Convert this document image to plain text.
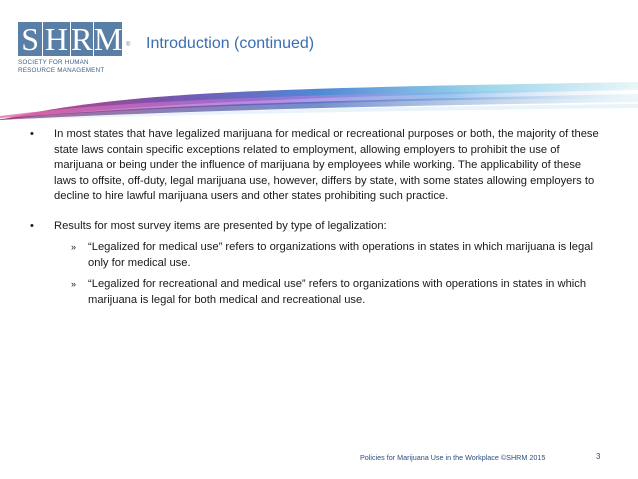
S H R M ®
SOCIETY FOR HUMAN
RESOURCE MANAGEMENT
Introduction (continued)
• In most states that have legalized marijuana for medical or recreational purposes or both, the majority of these state laws contain specific exceptions related to employment, allowing employers to prohibit the use of marijuana or being under the influence of marijuana by employees while working. The applicability of these laws to offsite, off-duty, legal marijuana use, however, differs by state, with some states allowing employers to decline to hire lawful marijuana users and other states prohibiting such practice.
• Results for most survey items are presented by type of legalization:
» “Legalized for medical use” refers to organizations with operations in states in which marijuana is legal only for medical use.
» “Legalized for recreational and medical use” refers to organizations with operations in states in which marijuana is legal for both medical and recreational use.
Policies for Marijuana Use in the Workplace ©SHRM 2015	3
